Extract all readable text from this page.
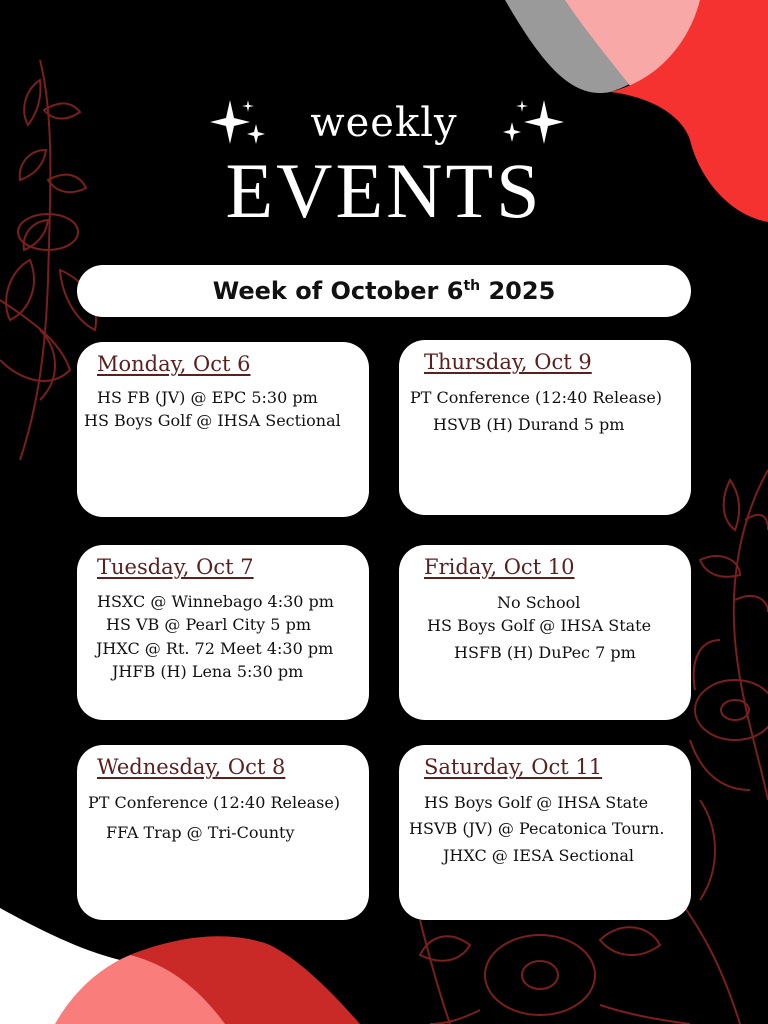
weekly
EVENTS
Week of October 6th 2025
Monday, Oct 6
HS FB (JV) @ EPC 5:30 pm
HS Boys Golf @ IHSA Sectional
Thursday, Oct 9
PT Conference (12:40 Release)
HSVB (H) Durand 5 pm
Tuesday, Oct 7
HSXC @ Winnebago 4:30 pm
HS VB @ Pearl City 5 pm
JHXC @ Rt. 72 Meet 4:30 pm
JHFB (H) Lena 5:30 pm
Friday, Oct 10
No School
HS Boys Golf @ IHSA State
HSFB (H) DuPec 7 pm
Wednesday, Oct 8
PT Conference (12:40 Release)
FFA Trap @ Tri-County
Saturday, Oct 11
HS Boys Golf @ IHSA State
HSVB (JV) @ Pecatonica Tourn.
JHXC @ IESA Sectional
